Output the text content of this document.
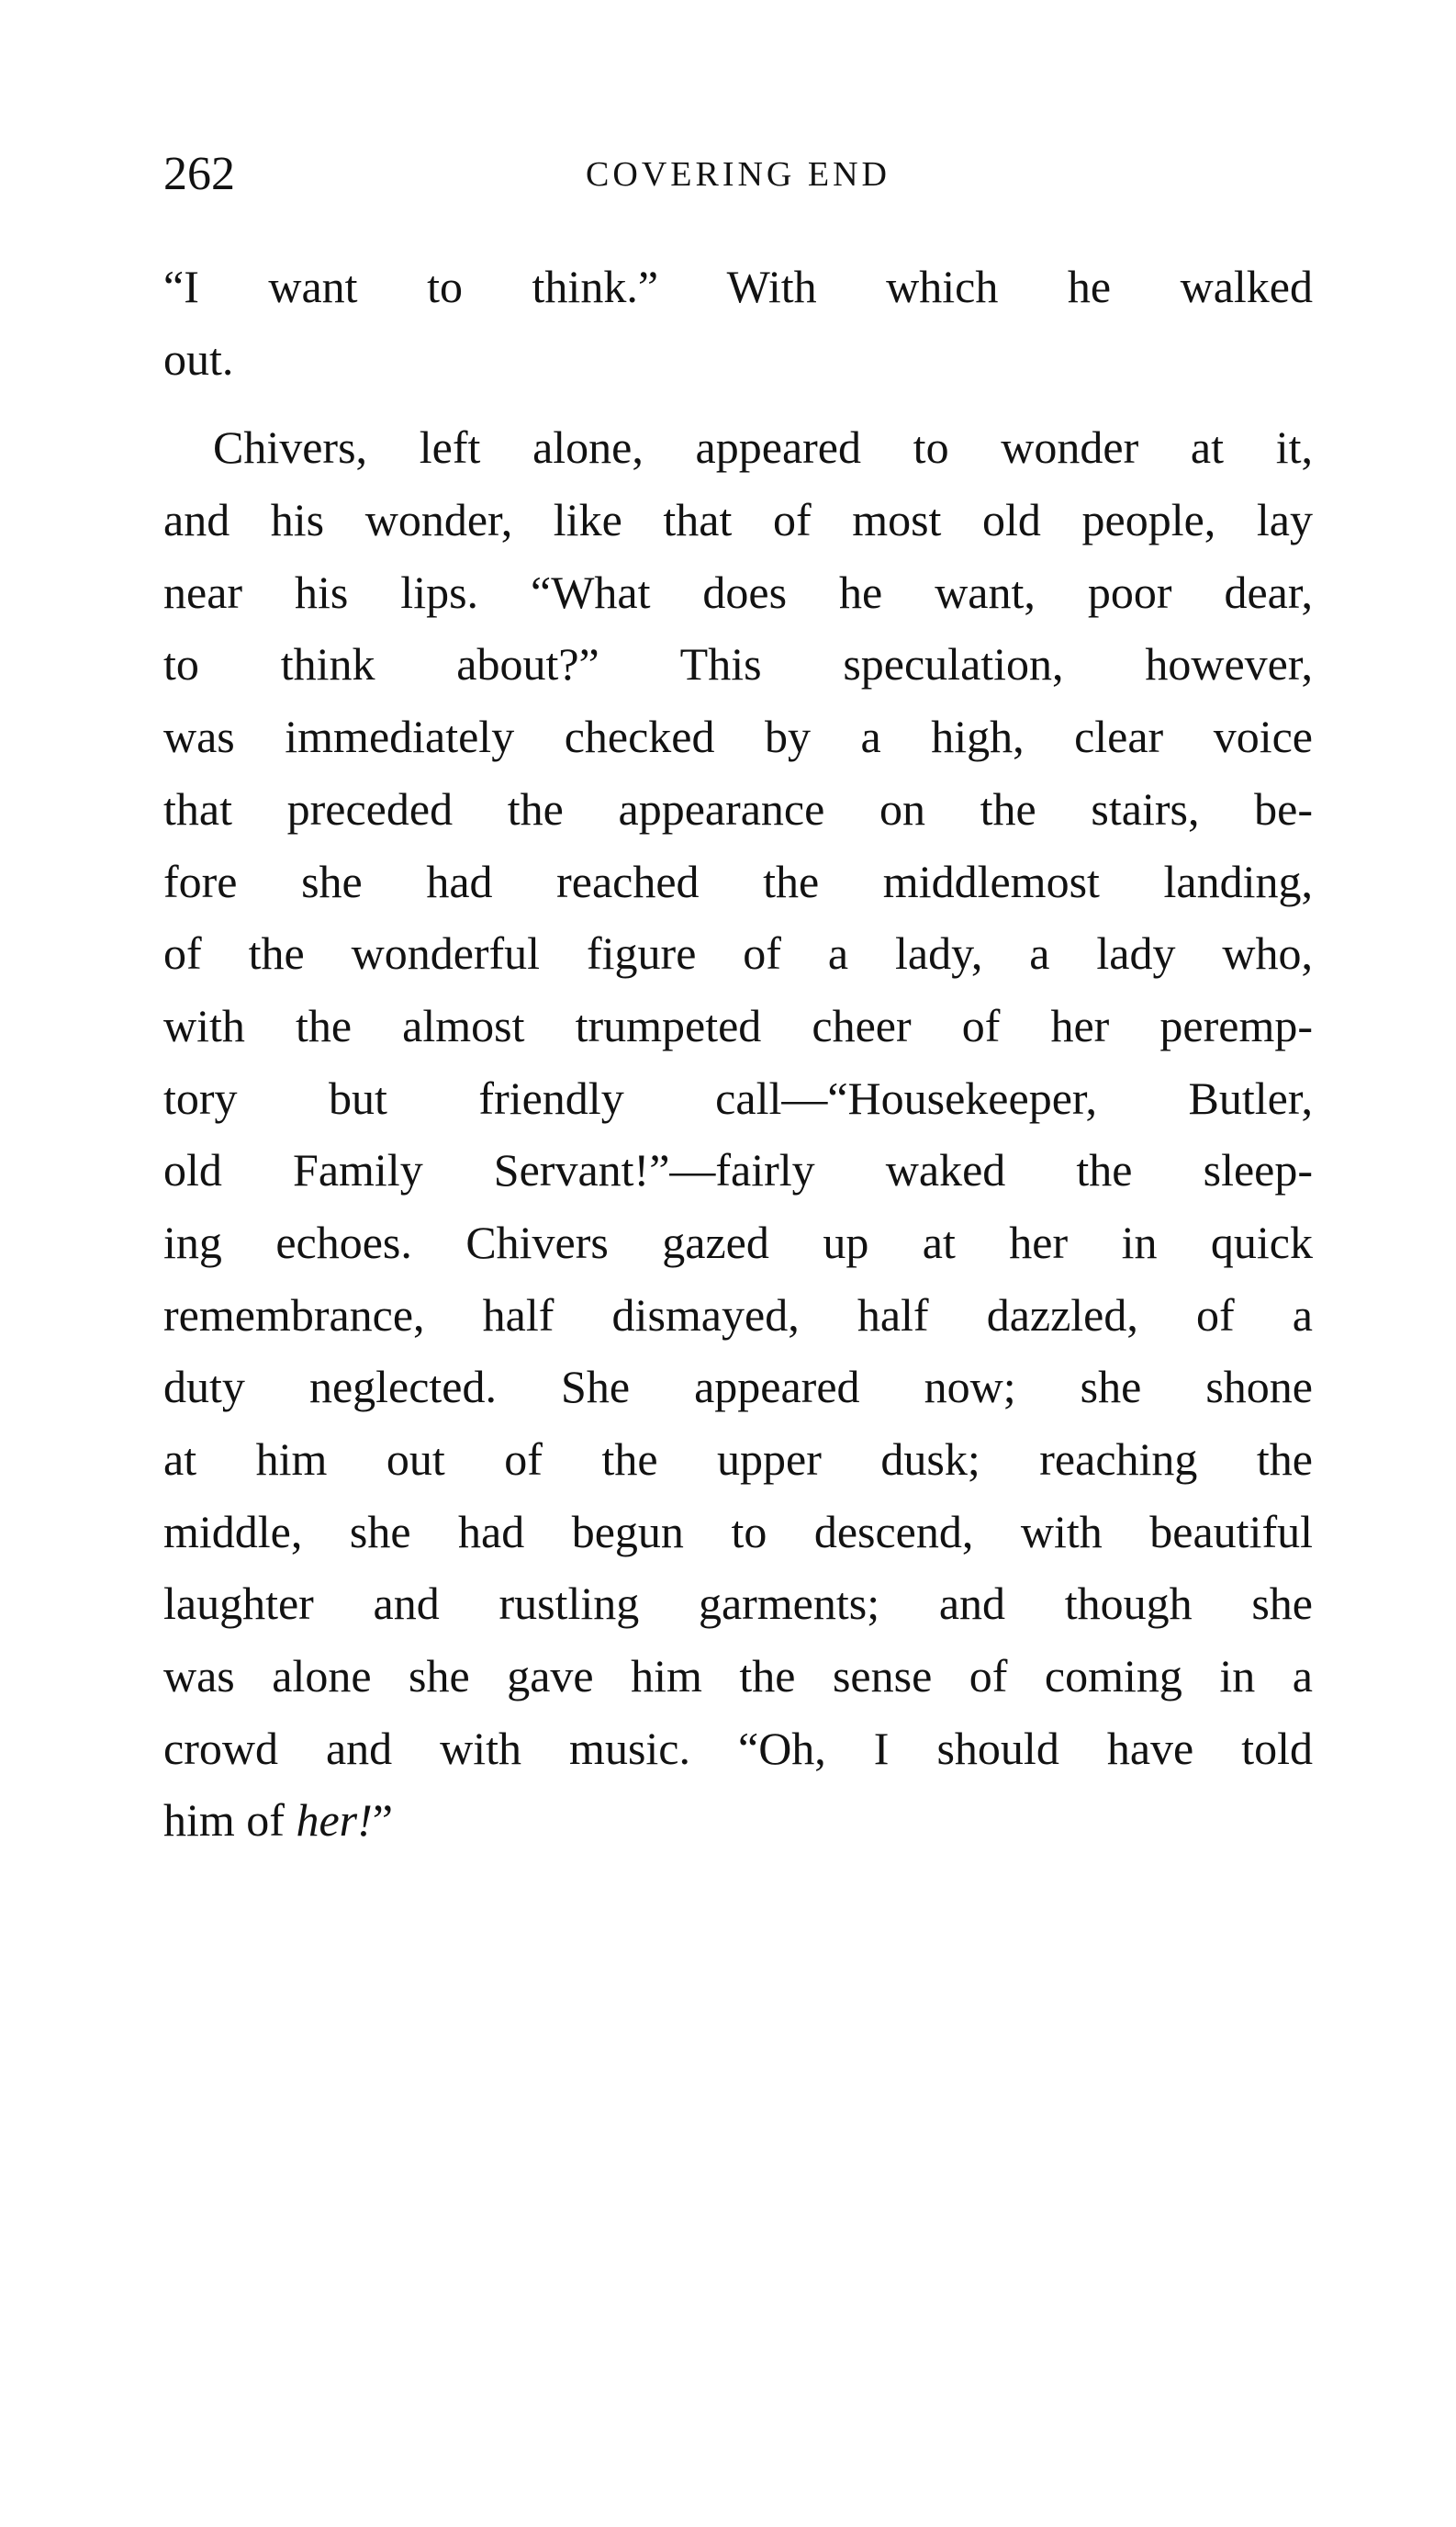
262	COVERING END
“I want to think.” With which he walked
out.
Chivers, left alone, appeared to wonder at it,
and his wonder, like that of most old people, lay
near his lips. “What does he want, poor dear,
to think about?” This speculation, however,
was immediately checked by a high, clear voice
that preceded the appearance on the stairs, be-
fore she had reached the middlemost landing,
of the wonderful figure of a lady, a lady who,
with the almost trumpeted cheer of her peremp-
tory but friendly call—“Housekeeper, Butler,
old Family Servant!”—fairly waked the sleep-
ing echoes. Chivers gazed up at her in quick
remembrance, half dismayed, half dazzled, of a
duty neglected. She appeared now; she shone
at him out of the upper dusk; reaching the
middle, she had begun to descend, with beautiful
laughter and rustling garments; and though she
was alone she gave him the sense of coming in a
crowd and with music. “Oh, I should have told
him of her!”
